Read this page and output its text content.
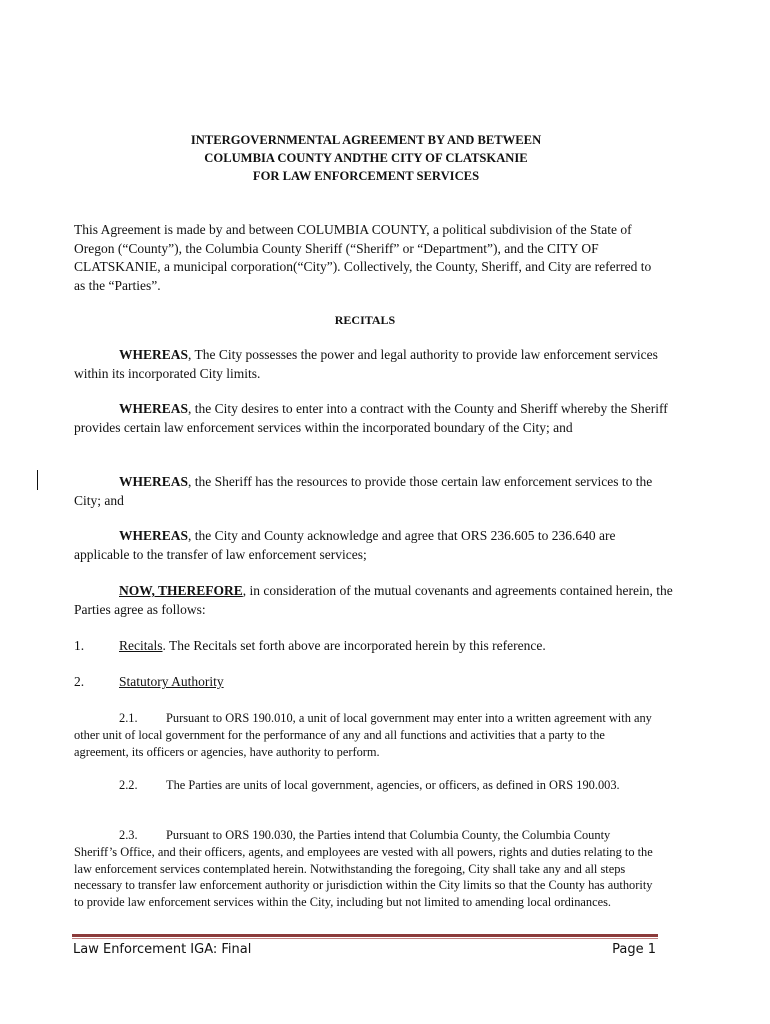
INTERGOVERNMENTAL AGREEMENT BY AND BETWEEN
COLUMBIA COUNTY ANDTHE CITY OF CLATSKANIE
FOR LAW ENFORCEMENT SERVICES
This Agreement is made by and between COLUMBIA COUNTY, a political subdivision of the State of Oregon (“County”), the Columbia County Sheriff (“Sheriff” or “Department”), and the CITY OF CLATSKANIE, a municipal corporation(“City”). Collectively, the County, Sheriff, and City are referred to as the “Parties”.
RECITALS
WHEREAS, The City possesses the power and legal authority to provide law enforcement services within its incorporated City limits.
WHEREAS, the City desires to enter into a contract with the County and Sheriff whereby the Sheriff provides certain law enforcement services within the incorporated boundary of the City; and
WHEREAS, the Sheriff has the resources to provide those certain law enforcement services to the City; and
WHEREAS, the City and County acknowledge and agree that ORS 236.605 to 236.640 are applicable to the transfer of law enforcement services;
NOW, THEREFORE, in consideration of the mutual covenants and agreements contained herein, the Parties agree as follows:
1.	Recitals. The Recitals set forth above are incorporated herein by this reference.
2.	Statutory Authority
2.1. Pursuant to ORS 190.010, a unit of local government may enter into a written agreement with any other unit of local government for the performance of any and all functions and activities that a party to the agreement, its officers or agencies, have authority to perform.
2.2. The Parties are units of local government, agencies, or officers, as defined in ORS 190.003.
2.3. Pursuant to ORS 190.030, the Parties intend that Columbia County, the Columbia County Sheriff’s Office, and their officers, agents, and employees are vested with all powers, rights and duties relating to the law enforcement services contemplated herein. Notwithstanding the foregoing, City shall take any and all steps necessary to transfer law enforcement authority or jurisdiction within the City limits so that the County has authority to provide law enforcement services within the City, including but not limited to amending local ordinances.
Law Enforcement IGA: Final	Page 1
